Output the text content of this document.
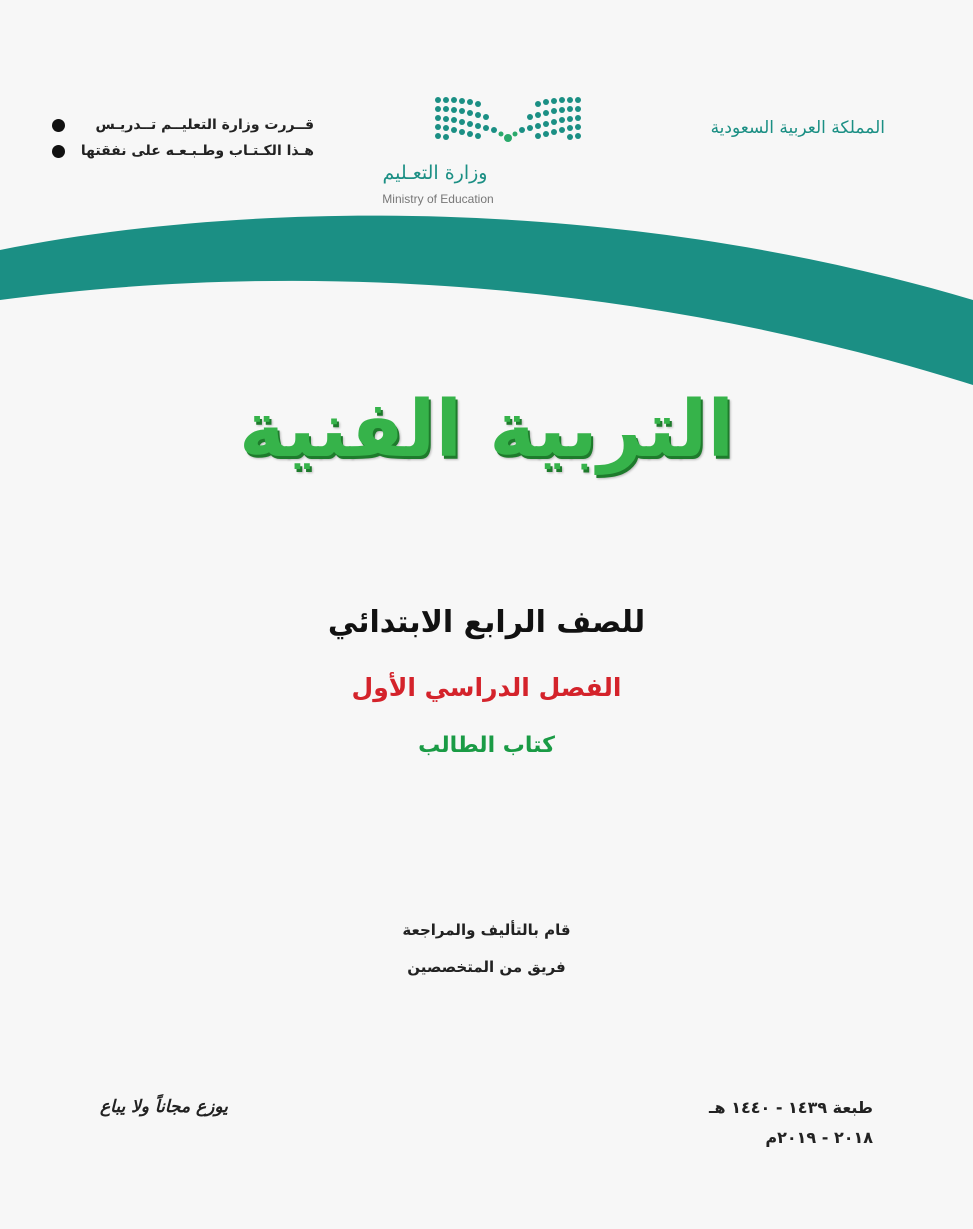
المملكة العربية السعودية
وزارة التعـليم
Ministry of Education
قــررت وزارة التعليــم تــدريـس
هـذا الكـتـاب وطـبـعـه على نفقتها
التربية الفنية
للصف الرابع الابتدائي
الفصل الدراسي الأول
كتاب الطالب
قام بالتأليف والمراجعة
فريق من المتخصصين
طبعة ١٤٣٩ - ١٤٤٠ هـ
٢٠١٨ - ٢٠١٩م
يوزع مجاناً ولا يباع
